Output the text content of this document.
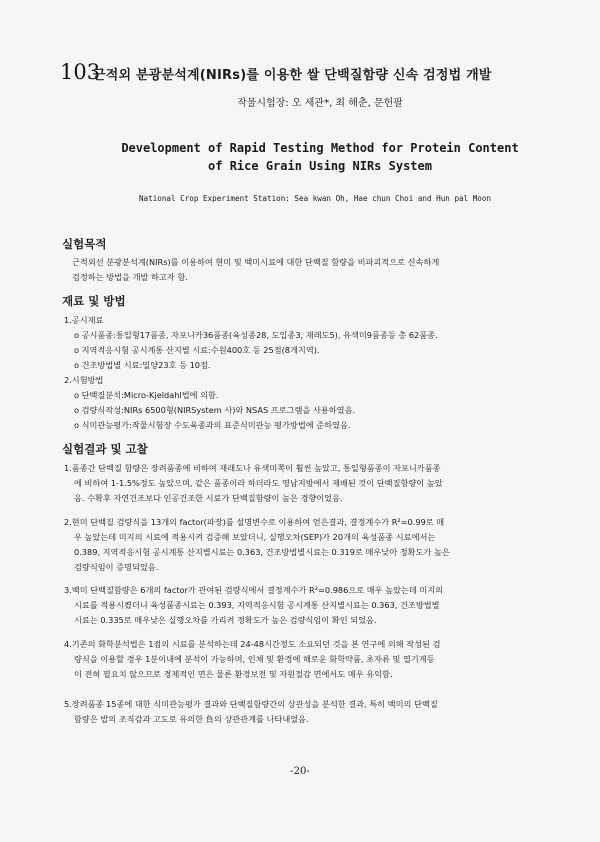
103
근적외 분광분석계(NIRs)를 이용한 쌀 단백질함량 신속 검정법 개발
작물시험장: 오 세관*, 최 해춘, 문헌팔
Development of Rapid Testing Method for Protein Content
of Rice Grain Using NIRs System
National Crop Experiment Station: Sea kwan Oh, Hae chun Choi and Hun pal Moon
실험목적
근적외선 분광분석계(NIRs)를 이용하여 현미 및 백미시료에 대한 단백질 함량을 비파괴적으로 신속하게
검정하는 방법을 개발 하고자 함.
재료 및 방법
1.공시재료
o 공시품종:통일형17품종, 자포니카36품종(육성종28, 도입종3, 재래도5), 유색미9품종등 총 62품종.
o 지역적응시험 공시계통 산지별 시료:수원400호 등 25점(8개지역).
o 건조방법별 시료:밀양23호 등 10점.
2.시험방법
o 단백질분석:Micro-Kjeldahl법에 의함.
o 검량식작성:NIRs 6500형(NIRSystem 사)와 NSAS 프로그램을 사용하였음.
o 식미관능평가:작물시험장 수도육종과의 표준식미관능 평가방법에 준하였음.
실험결과 및 고찰
1.품종간 단백질 함량은 장려품종에 비하여 재래도나 유색미쪽이 훨씬 높았고, 통일형품종이 자포니카품종
에 비하여 1-1.5%정도 높았으며, 같은 품종이라 하더라도 영남지방에서 재배된 것이 단백질함량이 높았
음. 수확후 자연건조보다 인공건조한 시료가 단백질함량이 높은 경향이었음.
2.현미 단백질 검량식을 13개의 factor(파장)를 설명변수로 이용하여 얻은결과, 결정계수가 R²=0.99로 매
우 높았는데 미지의 시료에 적용시켜 검증해 보았더니, 실행오차(SEP)가 20개의 육성품종 시료에서는
0.389, 지역적응시험 공시계통 산지별시료는 0.363, 건조방법별시료는 0.319로 매우낮아 정확도가 높은
검량식임이 증명되었음.
3.백미 단백질함량은 6개의 factor가 관여된 검량식에서 결정계수가 R²=0.986으로 매우 높았는데 미지의
시료를 적용시켰더니 육성품종시료는 0.393, 지역적응시험 공시계통 산지별시료는 0.363, 건조방법별
시료는 0.335로 매우낮은 실행오차를 가리켜 정확도가 높은 검량식임이 확인 되었음.
4.기존의 화학분석법은 1점의 시료를 분석하는데 24-48시간정도 소요되던 것을 본 연구에 의해 작성된 검
량식을 이용할 경우 1분이내에 분석이 가능하며, 인체 및 환경에 해로운 화학약품, 초자류 및 열기계등
이 전혀 필요치 않으므로 경제적인 면은 물론 환경보전 및 자원절감 면에서도 매우 유익함.
5.장려품종 15종에 대한 식미관능평가 결과와 단백질함량간의 상관성을 분석한 결과, 특히 백미의 단백질
함량은 밥의 조직감과 고도로 유의한 負의 상관관계를 나타내었음.
-20-
